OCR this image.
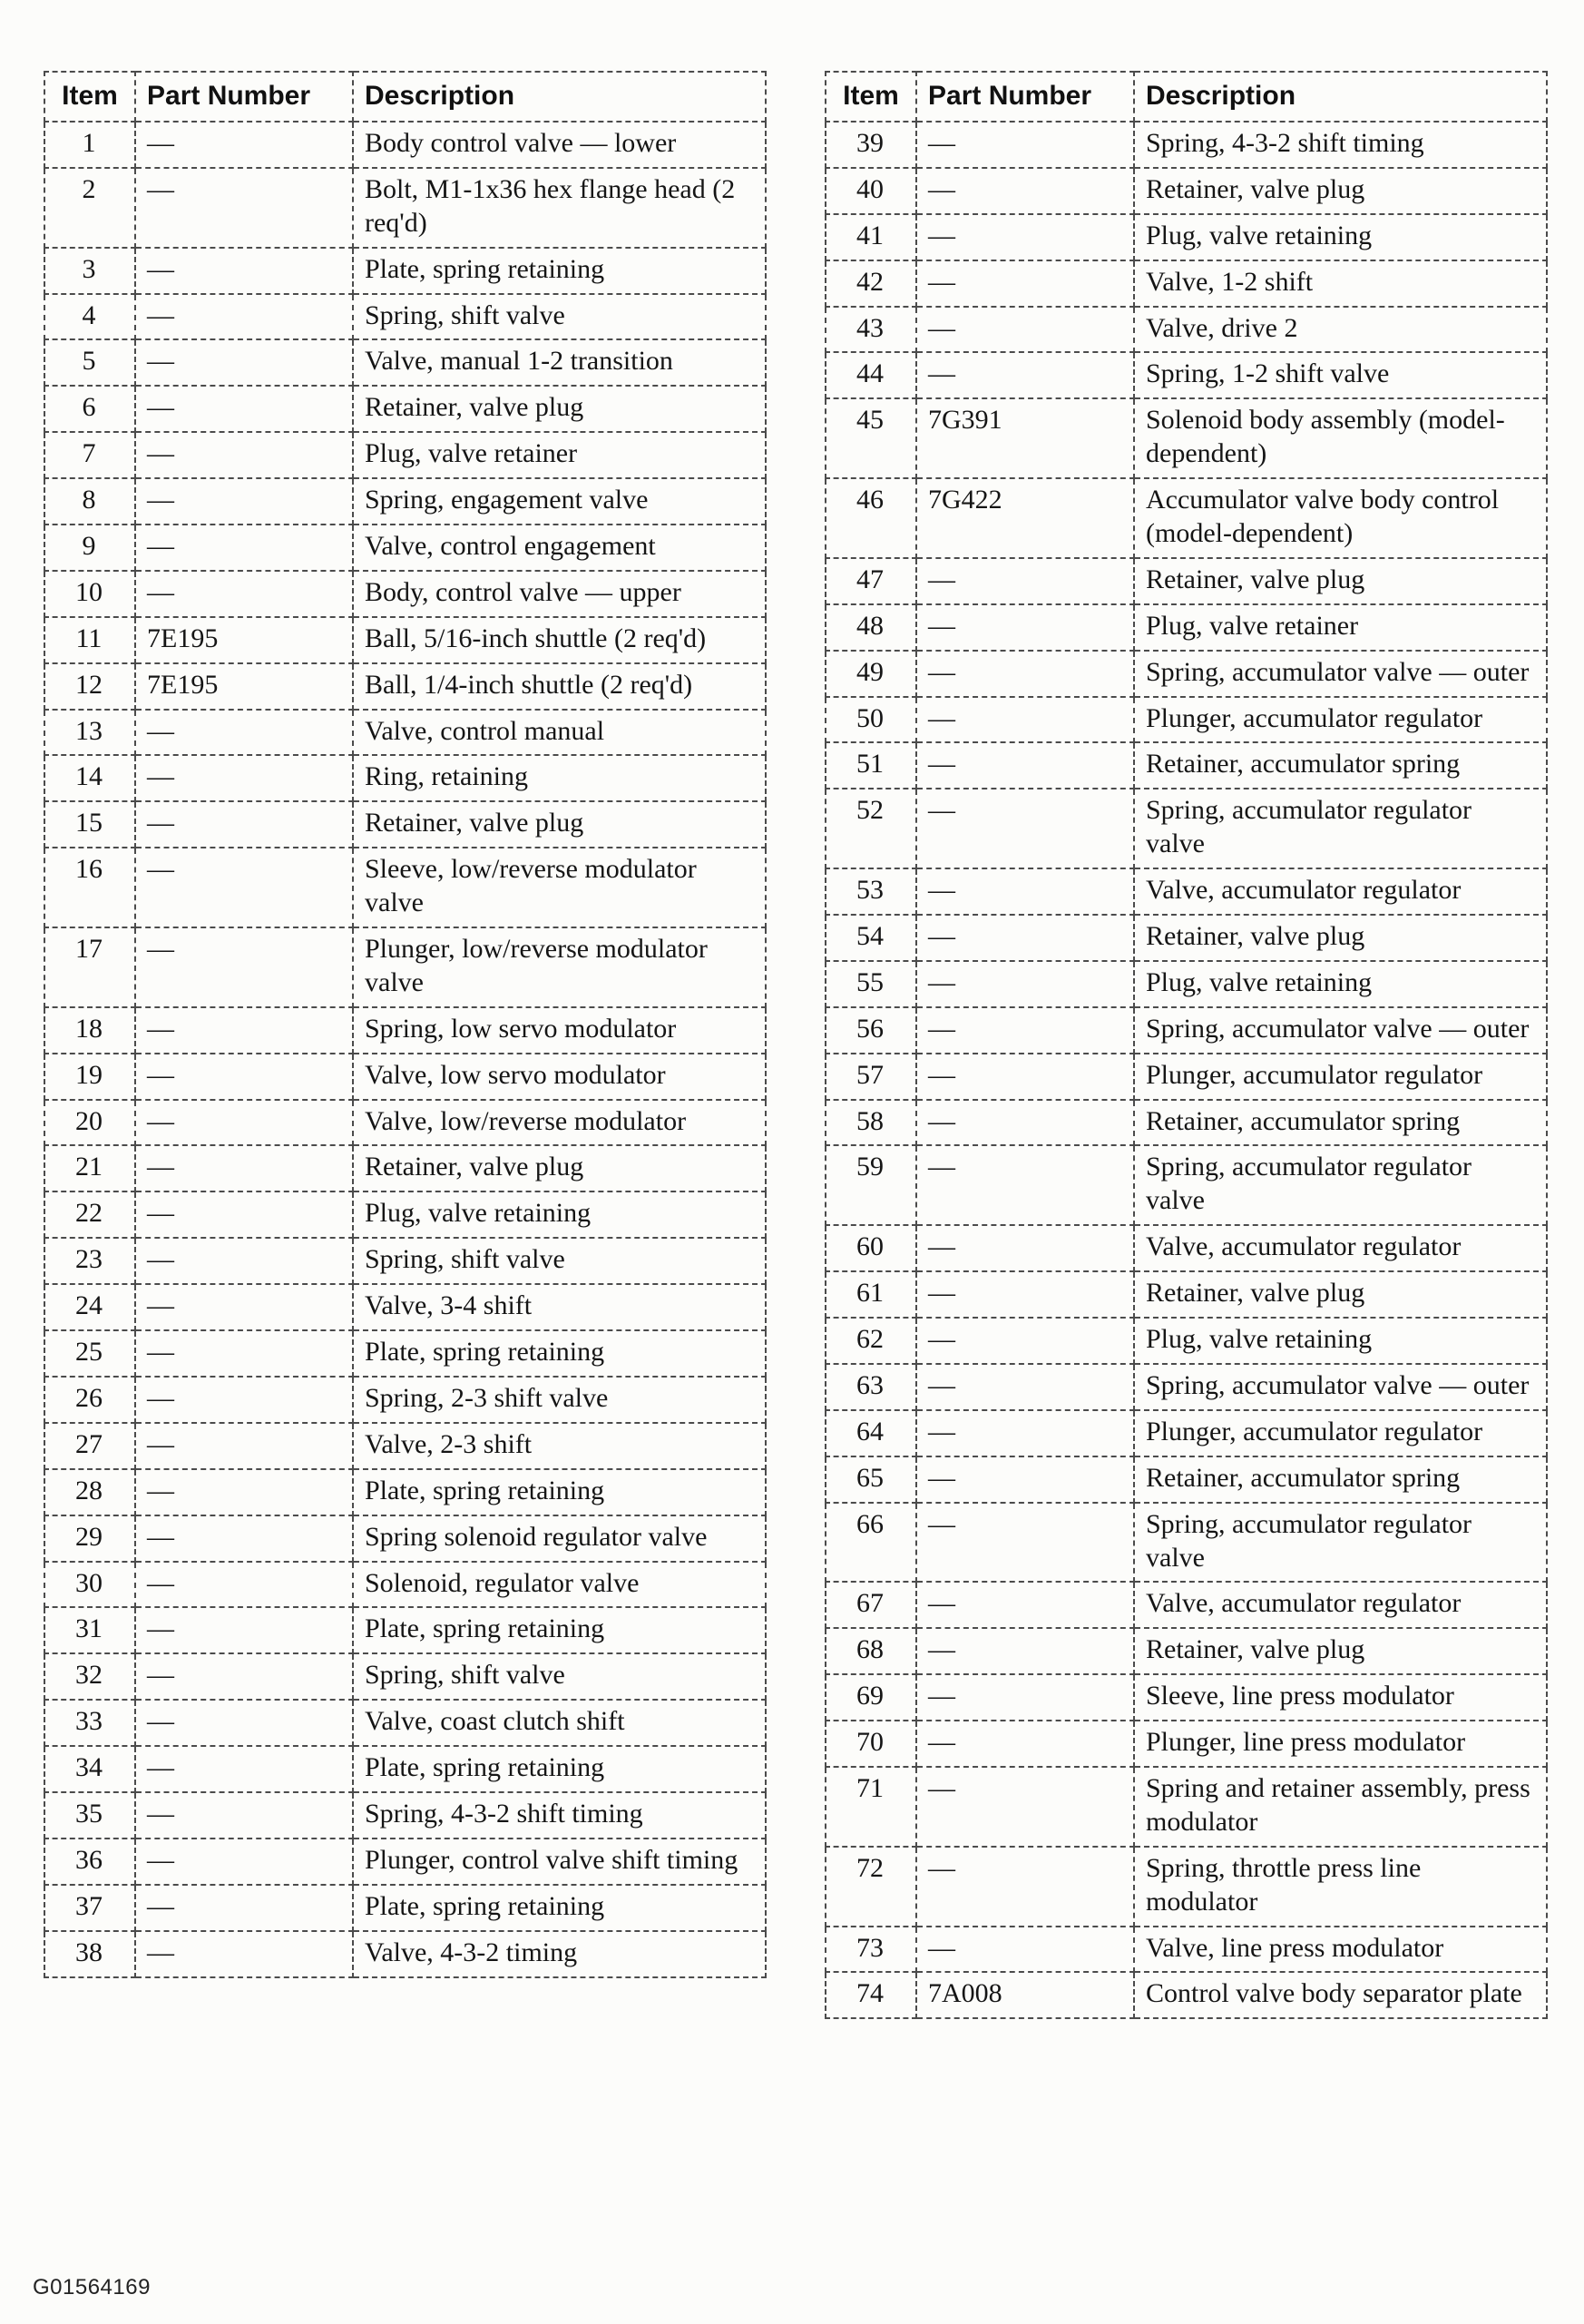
Item	Part Number	Description
1	—	Body control valve — lower
2	—	Bolt, M1-1x36 hex flange head (2 req'd)
3	—	Plate, spring retaining
4	—	Spring, shift valve
5	—	Valve, manual 1-2 transition
6	—	Retainer, valve plug
7	—	Plug, valve retainer
8	—	Spring, engagement valve
9	—	Valve, control engagement
10	—	Body, control valve — upper
11	7E195	Ball, 5/16-inch shuttle (2 req'd)
12	7E195	Ball, 1/4-inch shuttle (2 req'd)
13	—	Valve, control manual
14	—	Ring, retaining
15	—	Retainer, valve plug
16	—	Sleeve, low/reverse modulator valve
17	—	Plunger, low/reverse modulator valve
18	—	Spring, low servo modulator
19	—	Valve, low servo modulator
20	—	Valve, low/reverse modulator
21	—	Retainer, valve plug
22	—	Plug, valve retaining
23	—	Spring, shift valve
24	—	Valve, 3-4 shift
25	—	Plate, spring retaining
26	—	Spring, 2-3 shift valve
27	—	Valve, 2-3 shift
28	—	Plate, spring retaining
29	—	Spring solenoid regulator valve
30	—	Solenoid, regulator valve
31	—	Plate, spring retaining
32	—	Spring, shift valve
33	—	Valve, coast clutch shift
34	—	Plate, spring retaining
35	—	Spring, 4-3-2 shift timing
36	—	Plunger, control valve shift timing
37	—	Plate, spring retaining
38	—	Valve, 4-3-2 timing
Item	Part Number	Description
39	—	Spring, 4-3-2 shift timing
40	—	Retainer, valve plug
41	—	Plug, valve retaining
42	—	Valve, 1-2 shift
43	—	Valve, drive 2
44	—	Spring, 1-2 shift valve
45	7G391	Solenoid body assembly (model-dependent)
46	7G422	Accumulator valve body control (model-dependent)
47	—	Retainer, valve plug
48	—	Plug, valve retainer
49	—	Spring, accumulator valve — outer
50	—	Plunger, accumulator regulator
51	—	Retainer, accumulator spring
52	—	Spring, accumulator regulator valve
53	—	Valve, accumulator regulator
54	—	Retainer, valve plug
55	—	Plug, valve retaining
56	—	Spring, accumulator valve — outer
57	—	Plunger, accumulator regulator
58	—	Retainer, accumulator spring
59	—	Spring, accumulator regulator valve
60	—	Valve, accumulator regulator
61	—	Retainer, valve plug
62	—	Plug, valve retaining
63	—	Spring, accumulator valve — outer
64	—	Plunger, accumulator regulator
65	—	Retainer, accumulator spring
66	—	Spring, accumulator regulator valve
67	—	Valve, accumulator regulator
68	—	Retainer, valve plug
69	—	Sleeve, line press modulator
70	—	Plunger, line press modulator
71	—	Spring and retainer assembly, press modulator
72	—	Spring, throttle press line modulator
73	—	Valve, line press modulator
74	7A008	Control valve body separator plate
G01564169
